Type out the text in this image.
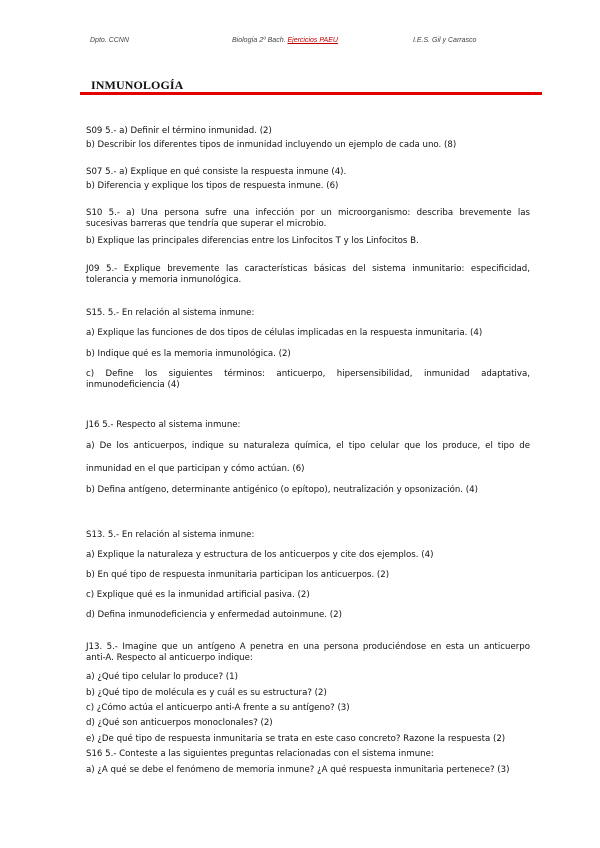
Dpto. CCNN	Biología 2º Bach. Ejercicios PAEU	I.E.S. Gil y Carrasco
INMUNOLOGÍA

S09 5.- a) Definir el término inmunidad. (2)

b) Describir los diferentes tipos de inmunidad incluyendo un ejemplo de cada uno. (8)

S07 5.- a) Explique en qué consiste la respuesta inmune (4).

b) Diferencia y explique los tipos de respuesta inmune. (6)

S10 5.- a) Una persona sufre una infección por un microorganismo: describa brevemente las
sucesivas barreras que tendría que superar el microbio.

b) Explique las principales diferencias entre los Linfocitos T y los Linfocitos B.

J09 5.- Explique brevemente las características básicas del sistema inmunitario: especificidad,
tolerancia y memoria inmunológica.

S15. 5.- En relación al sistema inmune:

a) Explique las funciones de dos tipos de células implicadas en la respuesta inmunitaria. (4)

b) Indique qué es la memoria inmunológica. (2)

c) Define los siguientes términos: anticuerpo, hipersensibilidad, inmunidad adaptativa,
inmunodeficiencia (4)

J16 5.- Respecto al sistema inmune:

a) De los anticuerpos, indique su naturaleza química, el tipo celular que los produce, el tipo de

inmunidad en el que participan y cómo actúan. (6)

b) Defina antígeno, determinante antigénico (o epítopo), neutralización y opsonización. (4)

S13. 5.- En relación al sistema inmune:

a) Explique la naturaleza y estructura de los anticuerpos y cite dos ejemplos. (4)

b) En qué tipo de respuesta inmunitaria participan los anticuerpos. (2)

c) Explique qué es la inmunidad artificial pasiva. (2)

d) Defina inmunodeficiencia y enfermedad autoinmune. (2)

J13. 5.- Imagine que un antígeno A penetra en una persona produciéndose en esta un anticuerpo
anti-A. Respecto al anticuerpo indique:

a) ¿Qué tipo celular lo produce? (1)

b) ¿Qué tipo de molécula es y cuál es su estructura? (2)

c) ¿Cómo actúa el anticuerpo anti-A frente a su antígeno? (3)

d) ¿Qué son anticuerpos monoclonales? (2)

e) ¿De qué tipo de respuesta inmunitaria se trata en este caso concreto? Razone la respuesta (2)

S16 5.- Conteste a las siguientes preguntas relacionadas con el sistema inmune:

a) ¿A qué se debe el fenómeno de memoria inmune? ¿A qué respuesta inmunitaria pertenece? (3)
